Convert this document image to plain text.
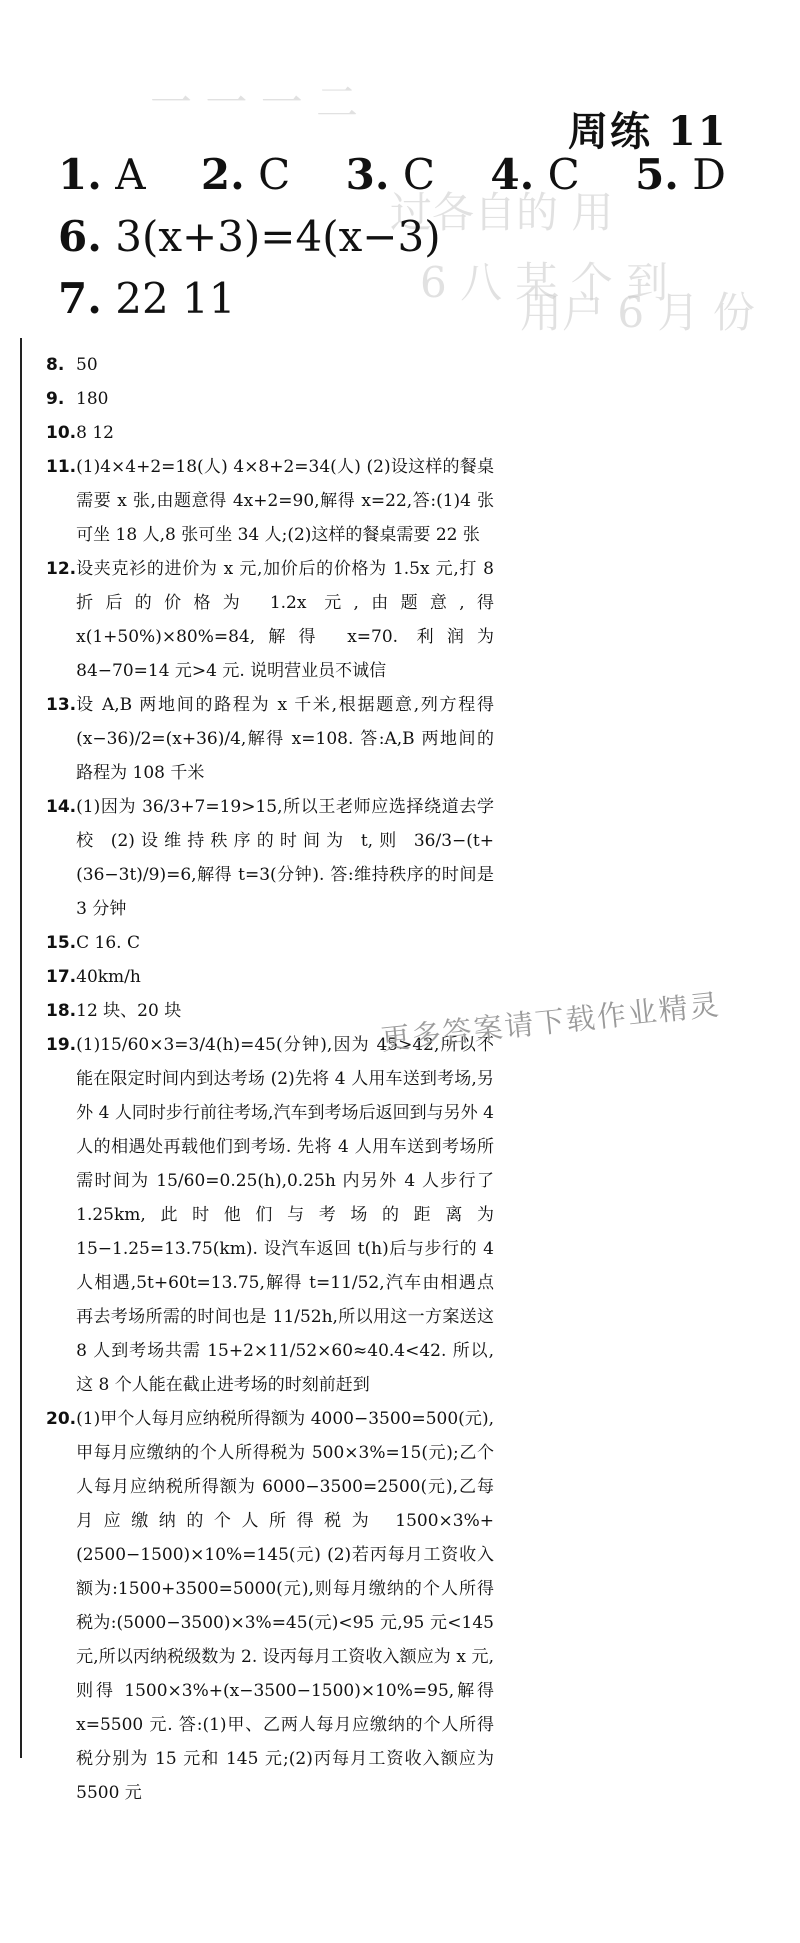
一 一 一 二
过各自的 用
6 八 某 个 到
用户 6 月 份
周练 11
1. A 2. C 3. C 4. C 5. D
6. 3(x+3)=4(x−3)
7. 22 11
8. 50
9. 180
10. 8 12
11. (1)4×4+2=18(人) 4×8+2=34(人) (2)设这样的餐桌需要 x 张,由题意得 4x+2=90,解得 x=22,答:(1)4 张可坐 18 人,8 张可坐 34 人;(2)这样的餐桌需要 22 张
12. 设夹克衫的进价为 x 元,加价后的价格为 1.5x 元,打 8 折后的价格为 1.2x 元,由题意,得 x(1+50%)×80%=84,解得 x=70. 利润为 84−70=14 元>4 元. 说明营业员不诚信
13. 设 A,B 两地间的路程为 x 千米,根据题意,列方程得 (x−36)/2=(x+36)/4,解得 x=108. 答:A,B 两地间的路程为 108 千米
14. (1)因为 36/3+7=19>15,所以王老师应选择绕道去学校 (2)设维持秩序的时间为 t,则 36/3−(t+(36−3t)/9)=6,解得 t=3(分钟). 答:维持秩序的时间是 3 分钟
15. C 16. C
17. 40km/h
18. 12 块、20 块
19. (1)15/60×3=3/4(h)=45(分钟),因为 45>42,所以不能在限定时间内到达考场 (2)先将 4 人用车送到考场,另外 4 人同时步行前往考场,汽车到考场后返回到与另外 4 人的相遇处再载他们到考场. 先将 4 人用车送到考场所需时间为 15/60=0.25(h),0.25h 内另外 4 人步行了 1.25km,此时他们与考场的距离为 15−1.25=13.75(km). 设汽车返回 t(h)后与步行的 4 人相遇,5t+60t=13.75,解得 t=11/52,汽车由相遇点再去考场所需的时间也是 11/52h,所以用这一方案送这 8 人到考场共需 15+2×11/52×60≈40.4<42. 所以,这 8 个人能在截止进考场的时刻前赶到
20. (1)甲个人每月应纳税所得额为 4000−3500=500(元),甲每月应缴纳的个人所得税为 500×3%=15(元);乙个人每月应纳税所得额为 6000−3500=2500(元),乙每月应缴纳的个人所得税为 1500×3%+(2500−1500)×10%=145(元) (2)若丙每月工资收入额为:1500+3500=5000(元),则每月缴纳的个人所得税为:(5000−3500)×3%=45(元)<95 元,95 元<145 元,所以丙纳税级数为 2. 设丙每月工资收入额应为 x 元,则得 1500×3%+(x−3500−1500)×10%=95,解得 x=5500 元. 答:(1)甲、乙两人每月应缴纳的个人所得税分别为 15 元和 145 元;(2)丙每月工资收入额应为 5500 元
更多答案请下载作业精灵
